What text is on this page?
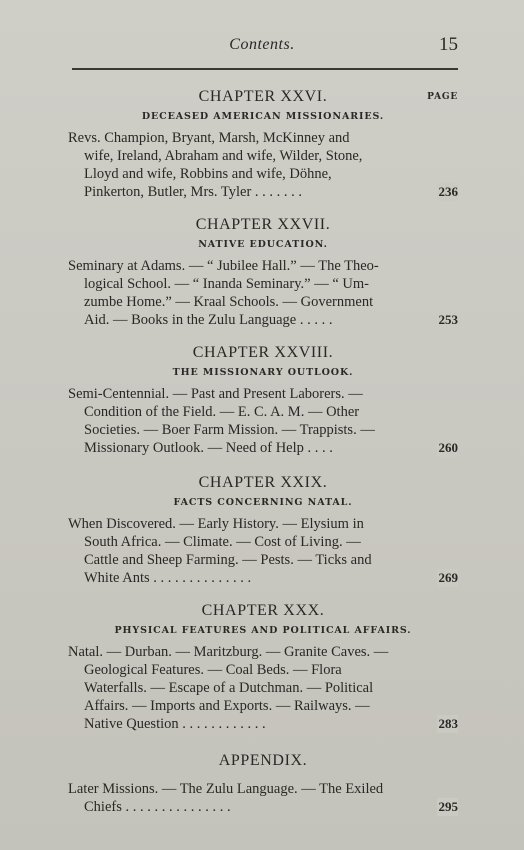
Contents.	15
PAGE
CHAPTER XXVI.
DECEASED AMERICAN MISSIONARIES.
Revs. Champion, Bryant, Marsh, McKinney and
wife, Ireland, Abraham and wife, Wilder, Stone,
Lloyd and wife, Robbins and wife, Döhne,
Pinkerton, Butler, Mrs. Tyler . . . . . . .	236
CHAPTER XXVII.
NATIVE EDUCATION.
Seminary at Adams. — “ Jubilee Hall.” — The Theo-
logical School. — “ Inanda Seminary.” — “ Um-
zumbe Home.” — Kraal Schools. — Government
Aid. — Books in the Zulu Language . . . . .	253
CHAPTER XXVIII.
THE MISSIONARY OUTLOOK.
Semi-Centennial. — Past and Present Laborers. —
Condition of the Field. — E. C. A. M. — Other
Societies. — Boer Farm Mission. — Trappists. —
Missionary Outlook. — Need of Help . . . .	260
CHAPTER XXIX.
FACTS CONCERNING NATAL.
When Discovered. — Early History. — Elysium in
South Africa. — Climate. — Cost of Living. —
Cattle and Sheep Farming. — Pests. — Ticks and
White Ants . . . . . . . . . . . . . .	269
CHAPTER XXX.
PHYSICAL FEATURES AND POLITICAL AFFAIRS.
Natal. — Durban. — Maritzburg. — Granite Caves. —
Geological Features. — Coal Beds. — Flora
Waterfalls. — Escape of a Dutchman. — Political
Affairs. — Imports and Exports. — Railways. —
Native Question . . . . . . . . . . . .	283
APPENDIX.
Later Missions. — The Zulu Language. — The Exiled
Chiefs . . . . . . . . . . . . . . .	295
